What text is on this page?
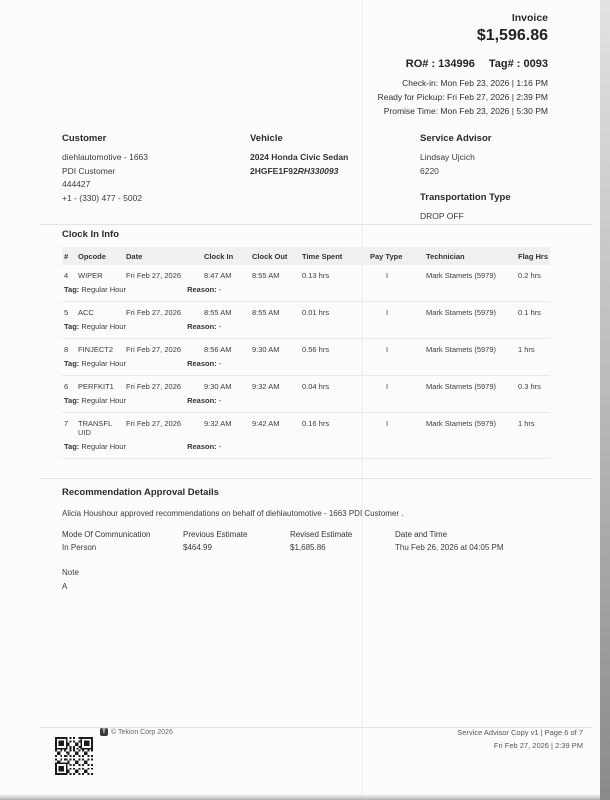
Invoice
$1,596.86
RO# : 134996 Tag# : 0093
Check-in: Mon Feb 23, 2026 | 1:16 PM
Ready for Pickup: Fri Feb 27, 2026 | 2:39 PM
Promise Time: Mon Feb 23, 2026 | 5:30 PM
Customer
diehlautomotive - 1663
PDI Customer
444427
+1 - (330) 477 - 5002
Vehicle
2024 Honda Civic Sedan
2HGFE1F92RH330093
Service Advisor
Lindsay Ujcich
6220
Transportation Type
DROP OFF
Clock In Info
#	Opcode	Date	Clock In	Clock Out	Time Spent	Pay Type	Technician	Flag Hrs
4	WIPER	Fri Feb 27, 2026	8:47 AM	8:55 AM	0.13 hrs	I	Mark Stamets (5979)	0.2 hrs
Tag: Regular Hour Reason: -								
5	ACC	Fri Feb 27, 2026	8:55 AM	8:55 AM	0.01 hrs	I	Mark Stamets (5979)	0.1 hrs
Tag: Regular Hour Reason: -								
8	FINJECT2	Fri Feb 27, 2026	8:56 AM	9:30 AM	0.56 hrs	I	Mark Stamets (5979)	1 hrs
Tag: Regular Hour Reason: -								
6	PERFKIT1	Fri Feb 27, 2026	9:30 AM	9:32 AM	0.04 hrs	I	Mark Stamets (5979)	0.3 hrs
Tag: Regular Hour Reason: -								
7	TRANSFLUID	Fri Feb 27, 2026	9:32 AM	9:42 AM	0.16 hrs	I	Mark Stamets (5979)	1 hrs
Tag: Regular Hour Reason: -								
Recommendation Approval Details

Alicia Houshour approved recommendations on behalf of diehlautomotive - 1663 PDI Customer .

Mode Of Communication
In Person
Previous Estimate
$464.99
Revised Estimate
$1,685.86
Date and Time
Thu Feb 26, 2026 at 04:05 PM
Note
A
T © Tekion Corp 2026	Service Advisor Copy v1 | Page 6 of 7
Fri Feb 27, 2026 | 2:39 PM
